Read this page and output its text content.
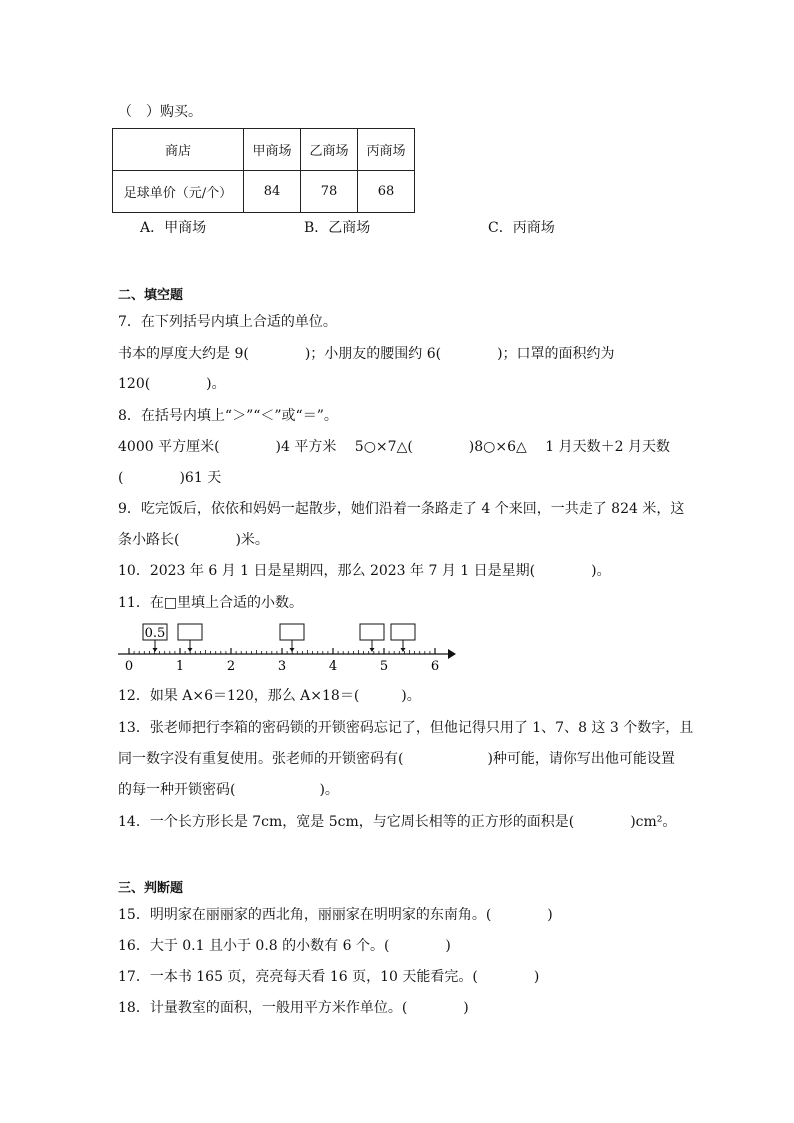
（　）购买。
商店	甲商场	乙商场	丙商场
足球单价（元/个）	84	78	68
A．甲商场	B．乙商场	C．丙商场
二、填空题
7．在下列括号内填上合适的单位。
书本的厚度大约是 9(　　　　)；小朋友的腰围约 6(　　　　)；口罩的面积约为
120(　　　　)。
8．在括号内填上“＞”“＜”或“＝”。
4000 平方厘米(　　　　)4 平方米　 5○×7△(　　　　)8○×6△　 1 月天数＋2 月天数
(　　　　)61 天
9．吃完饭后，依依和妈妈一起散步，她们沿着一条路走了 4 个来回，一共走了 824 米，这
条小路长(　　　　)米。
10．2023 年 6 月 1 日是星期四，那么 2023 年 7 月 1 日是星期(　　　　)。
11．在□里填上合适的小数。
0.5
0	1	2	3	4	5	6
12．如果 A×6＝120，那么 A×18＝(　　　)。
13．张老师把行李箱的密码锁的开锁密码忘记了，但他记得只用了 1、7、8 这 3 个数字，且
同一数字没有重复使用。张老师的开锁密码有(　　　　　　)种可能，请你写出他可能设置
的每一种开锁密码(　　　　　　)。
14．一个长方形长是 7cm，宽是 5cm，与它周长相等的正方形的面积是(　　　　)cm²。
三、判断题
15．明明家在丽丽家的西北角，丽丽家在明明家的东南角。(　　　　)
16．大于 0.1 且小于 0.8 的小数有 6 个。(　　　　)
17．一本书 165 页，亮亮每天看 16 页，10 天能看完。(　　　　)
18．计量教室的面积，一般用平方米作单位。(　　　　)
